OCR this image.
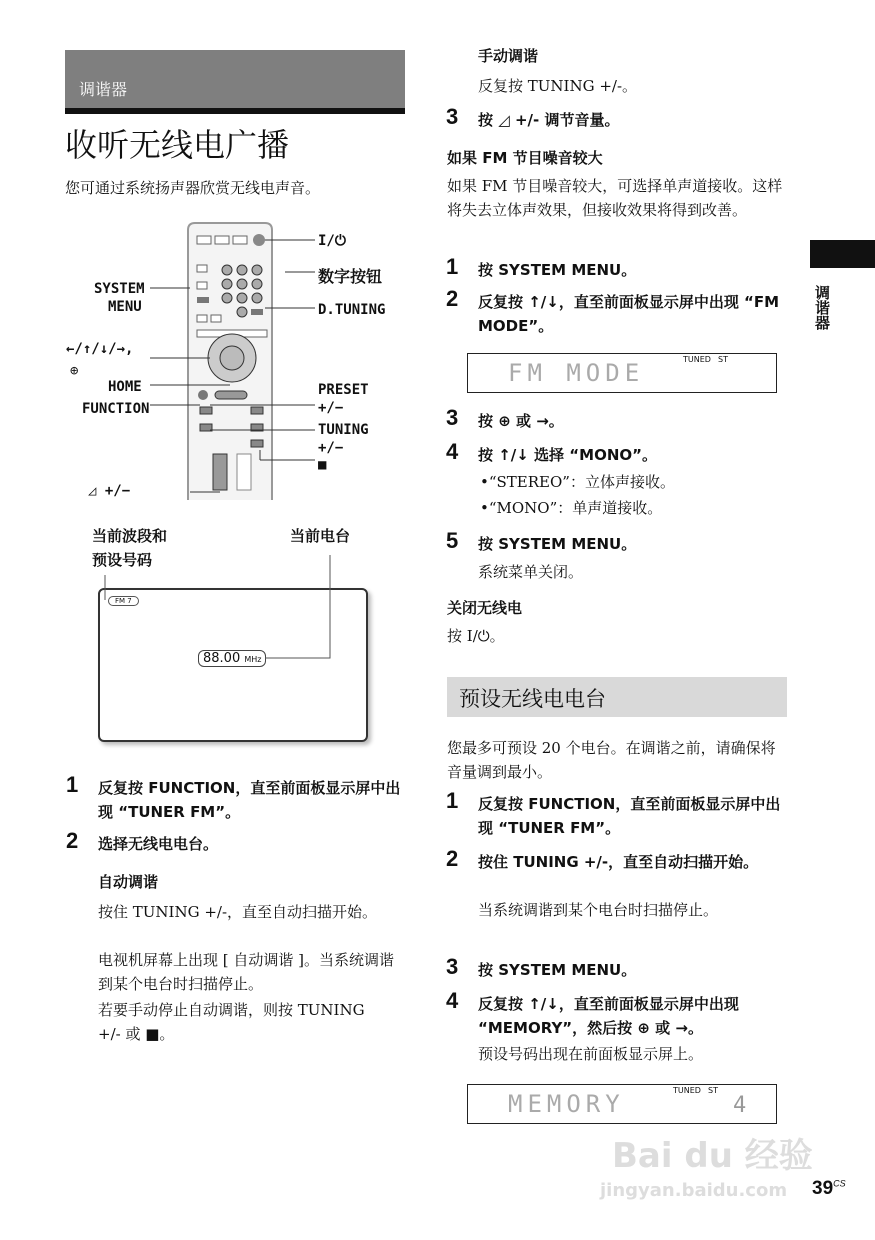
调谐器
收听无线电广播
您可通过系统扬声器欣赏无线电声音。
I/⏻
数字按钮
SYSTEM
MENU	D.TUNING
←/↑/↓/→,
⊕
HOME
FUNCTION
PRESET
+/−
TUNING
+/−
■
◿ +/−
当前波段和
预设号码
当前电台
FM 7
88.00 MHz
1 反复按 FUNCTION，直至前面板显示屏中出现 “TUNER FM”。
2 选择无线电电台。
自动调谐
按住 TUNING +/-，直至自动扫描开始。
电视机屏幕上出现 [ 自动调谐 ]。当系统调谐到某个电台时扫描停止。
若要手动停止自动调谐，则按 TUNING +/- 或 ■。
手动调谐
反复按 TUNING +/-。
3 按 ◿ +/- 调节音量。
如果 FM 节目噪音较大
如果 FM 节目噪音较大，可选择单声道接收。这样将失去立体声效果，但接收效果将得到改善。
1 按 SYSTEM MENU。
2 反复按 ↑/↓，直至前面板显示屏中出现 “FM MODE”。
FM MODE	TUNED ST
3 按 ⊕ 或 →。
4 按 ↑/↓ 选择 “MONO”。
•“STEREO”：立体声接收。
•“MONO”：单声道接收。
5 按 SYSTEM MENU。
系统菜单关闭。
关闭无线电
按 I/⏻。
预设无线电电台
您最多可预设 20 个电台。在调谐之前，请确保将音量调到最小。
1 反复按 FUNCTION，直至前面板显示屏中出现 “TUNER FM”。
2 按住 TUNING +/-，直至自动扫描开始。
当系统调谐到某个电台时扫描停止。
3 按 SYSTEM MENU。
4 反复按 ↑/↓，直至前面板显示屏中出现 “MEMORY”，然后按 ⊕ 或 →。
预设号码出现在前面板显示屏上。
MEMORY	TUNED ST
4
调谐器
Bai du 经验
jingyan.baidu.com $39^{CS}$
